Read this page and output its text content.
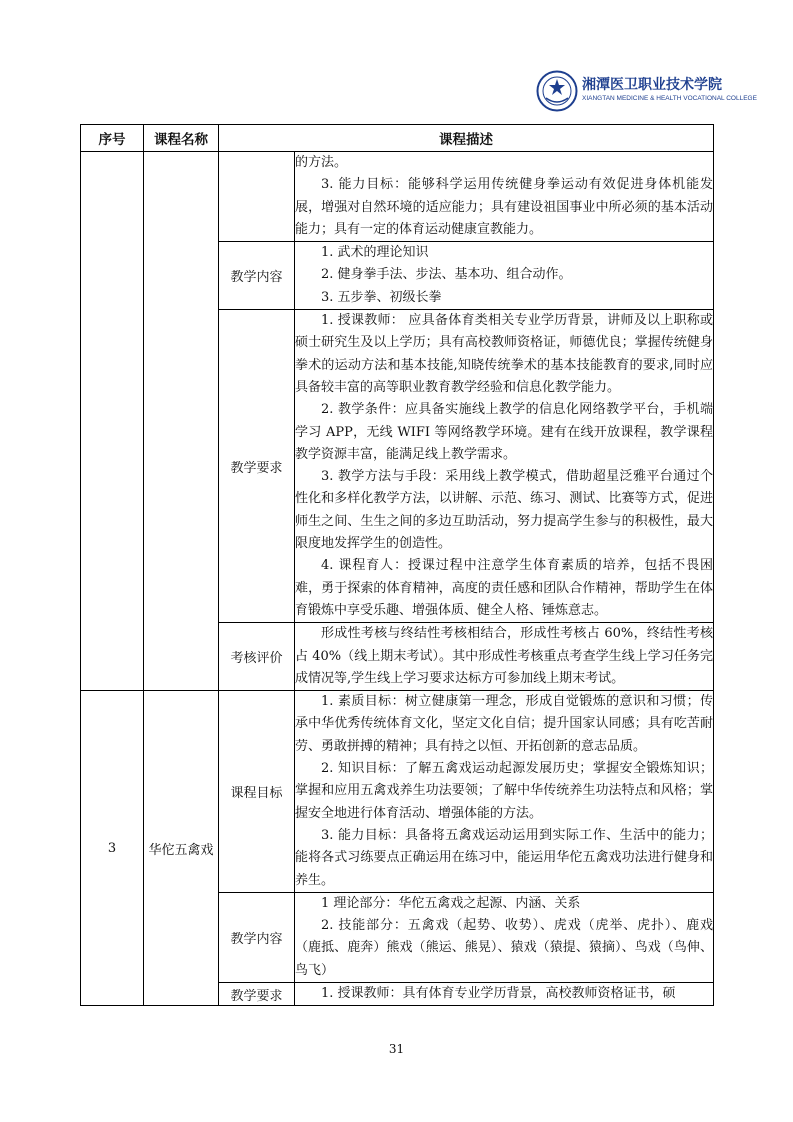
湘潭医卫职业技术学院
XIANGTAN MEDICINE & HEALTH VOCATIONAL COLLEGE
序号	课程名称	课程描述	

			的方法。

3. 能力目标：能够科学运用传统健身拳运动有效促进身体机能发展，增强对自然环境的适应能力；具有建设祖国事业中所必须的基本活动能力；具有一定的体育运动健康宣教能力。

		教学内容	1. 武术的理论知识

2. 健身拳手法、步法、基本功、组合动作。

3. 五步拳、初级长拳

		教学要求	1. 授课教师： 应具备体育类相关专业学历背景，讲师及以上职称或硕士研究生及以上学历；具有高校教师资格证，师德优良；掌握传统健身拳术的运动方法和基本技能,知晓传统拳术的基本技能教育的要求,同时应具备较丰富的高等职业教育教学经验和信息化教学能力。

2. 教学条件：应具备实施线上教学的信息化网络教学平台，手机端学习 APP，无线 WIFI 等网络教学环境。建有在线开放课程，教学课程教学资源丰富，能满足线上教学需求。

3. 教学方法与手段：采用线上教学模式，借助超星泛雅平台通过个性化和多样化教学方法，以讲解、示范、练习、测试、比赛等方式，促进师生之间、生生之间的多边互助活动，努力提高学生参与的积极性，最大限度地发挥学生的创造性。

4. 课程育人：授课过程中注意学生体育素质的培养，包括不畏困难，勇于探索的体育精神，高度的责任感和团队合作精神，帮助学生在体育锻炼中享受乐趣、增强体质、健全人格、锤炼意志。

		考核评价	形成性考核与终结性考核相结合，形成性考核占 60%，终结性考核占 40%（线上期末考试）。其中形成性考核重点考查学生线上学习任务完成情况等,学生线上学习要求达标方可参加线上期末考试。

3	华佗五禽戏	课程目标	1. 素质目标：树立健康第一理念，形成自觉锻炼的意识和习惯；传承中华优秀传统体育文化，坚定文化自信；提升国家认同感；具有吃苦耐劳、勇敢拼搏的精神；具有持之以恒、开拓创新的意志品质。

2. 知识目标：了解五禽戏运动起源发展历史；掌握安全锻炼知识；掌握和应用五禽戏养生功法要领；了解中华传统养生功法特点和风格；掌握安全地进行体育活动、增强体能的方法。

3. 能力目标：具备将五禽戏运动运用到实际工作、生活中的能力；能将各式习练要点正确运用在练习中，能运用华佗五禽戏功法进行健身和养生。

		教学内容	1 理论部分：华佗五禽戏之起源、内涵、关系

2. 技能部分：五禽戏（起势、收势）、虎戏（虎举、虎扑）、鹿戏（鹿抵、鹿奔）熊戏（熊运、熊晃）、猿戏（猿提、猿摘）、鸟戏（鸟伸、鸟飞）

		教学要求	1. 授课教师：具有体育专业学历背景，高校教师资格证书，硕

31
